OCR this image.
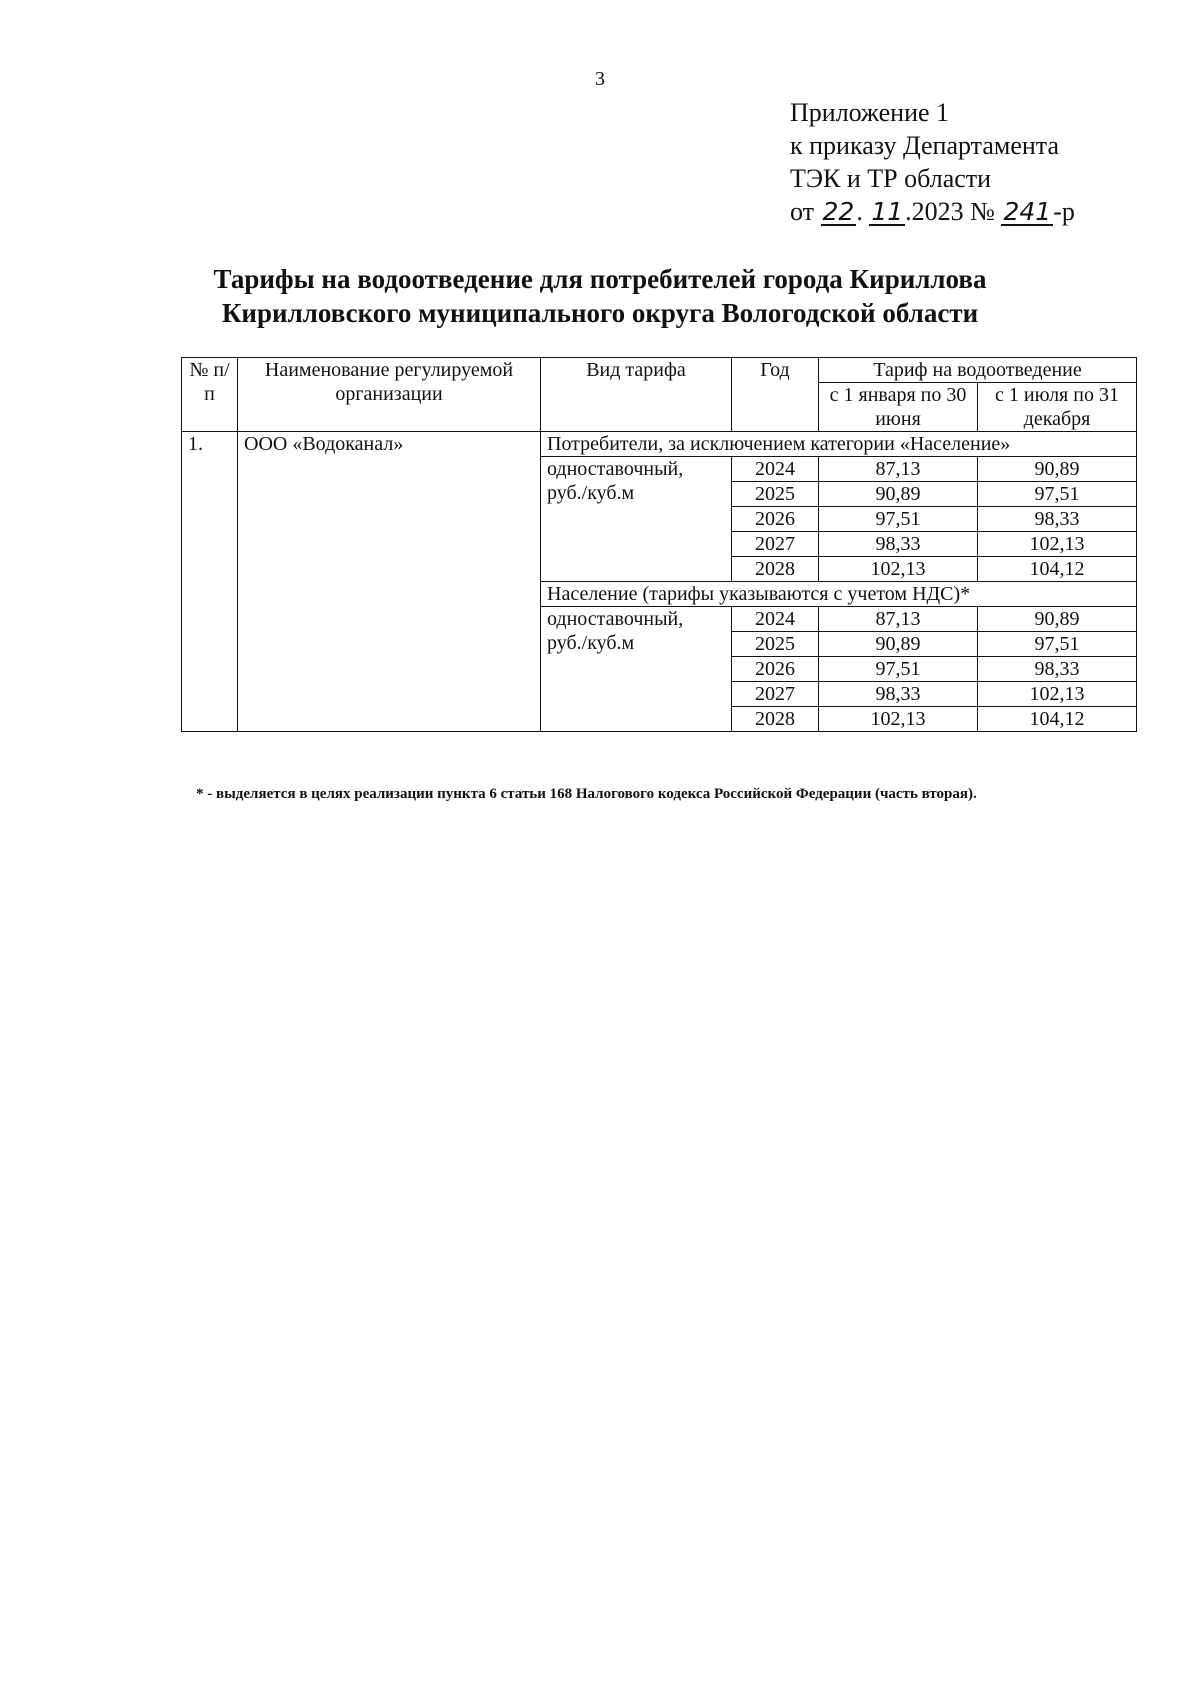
3
Приложение 1
к приказу Департамента
ТЭК и ТР области
от 22. 11.2023 № 241-р
Тарифы на водоотведение для потребителей города Кириллова
Кирилловского муниципального округа Вологодской области
№ п/п	Наименование регулируемой организации	Вид тарифа	Год	Тариф на водоотведение	
				с 1 января по 30 июня	с 1 июля по 31 декабря
1.	ООО «Водоканал»	Потребители, за исключением категории «Население»			
		одноставочный, руб./куб.м	2024	87,13	90,89
			2025	90,89	97,51
			2026	97,51	98,33
			2027	98,33	102,13
			2028	102,13	104,12
		Население (тарифы указываются с учетом НДС)*			
		одноставочный, руб./куб.м	2024	87,13	90,89
			2025	90,89	97,51
			2026	97,51	98,33
			2027	98,33	102,13
			2028	102,13	104,12
* - выделяется в целях реализации пункта 6 статьи 168 Налогового кодекса Российской Федерации (часть вторая).
